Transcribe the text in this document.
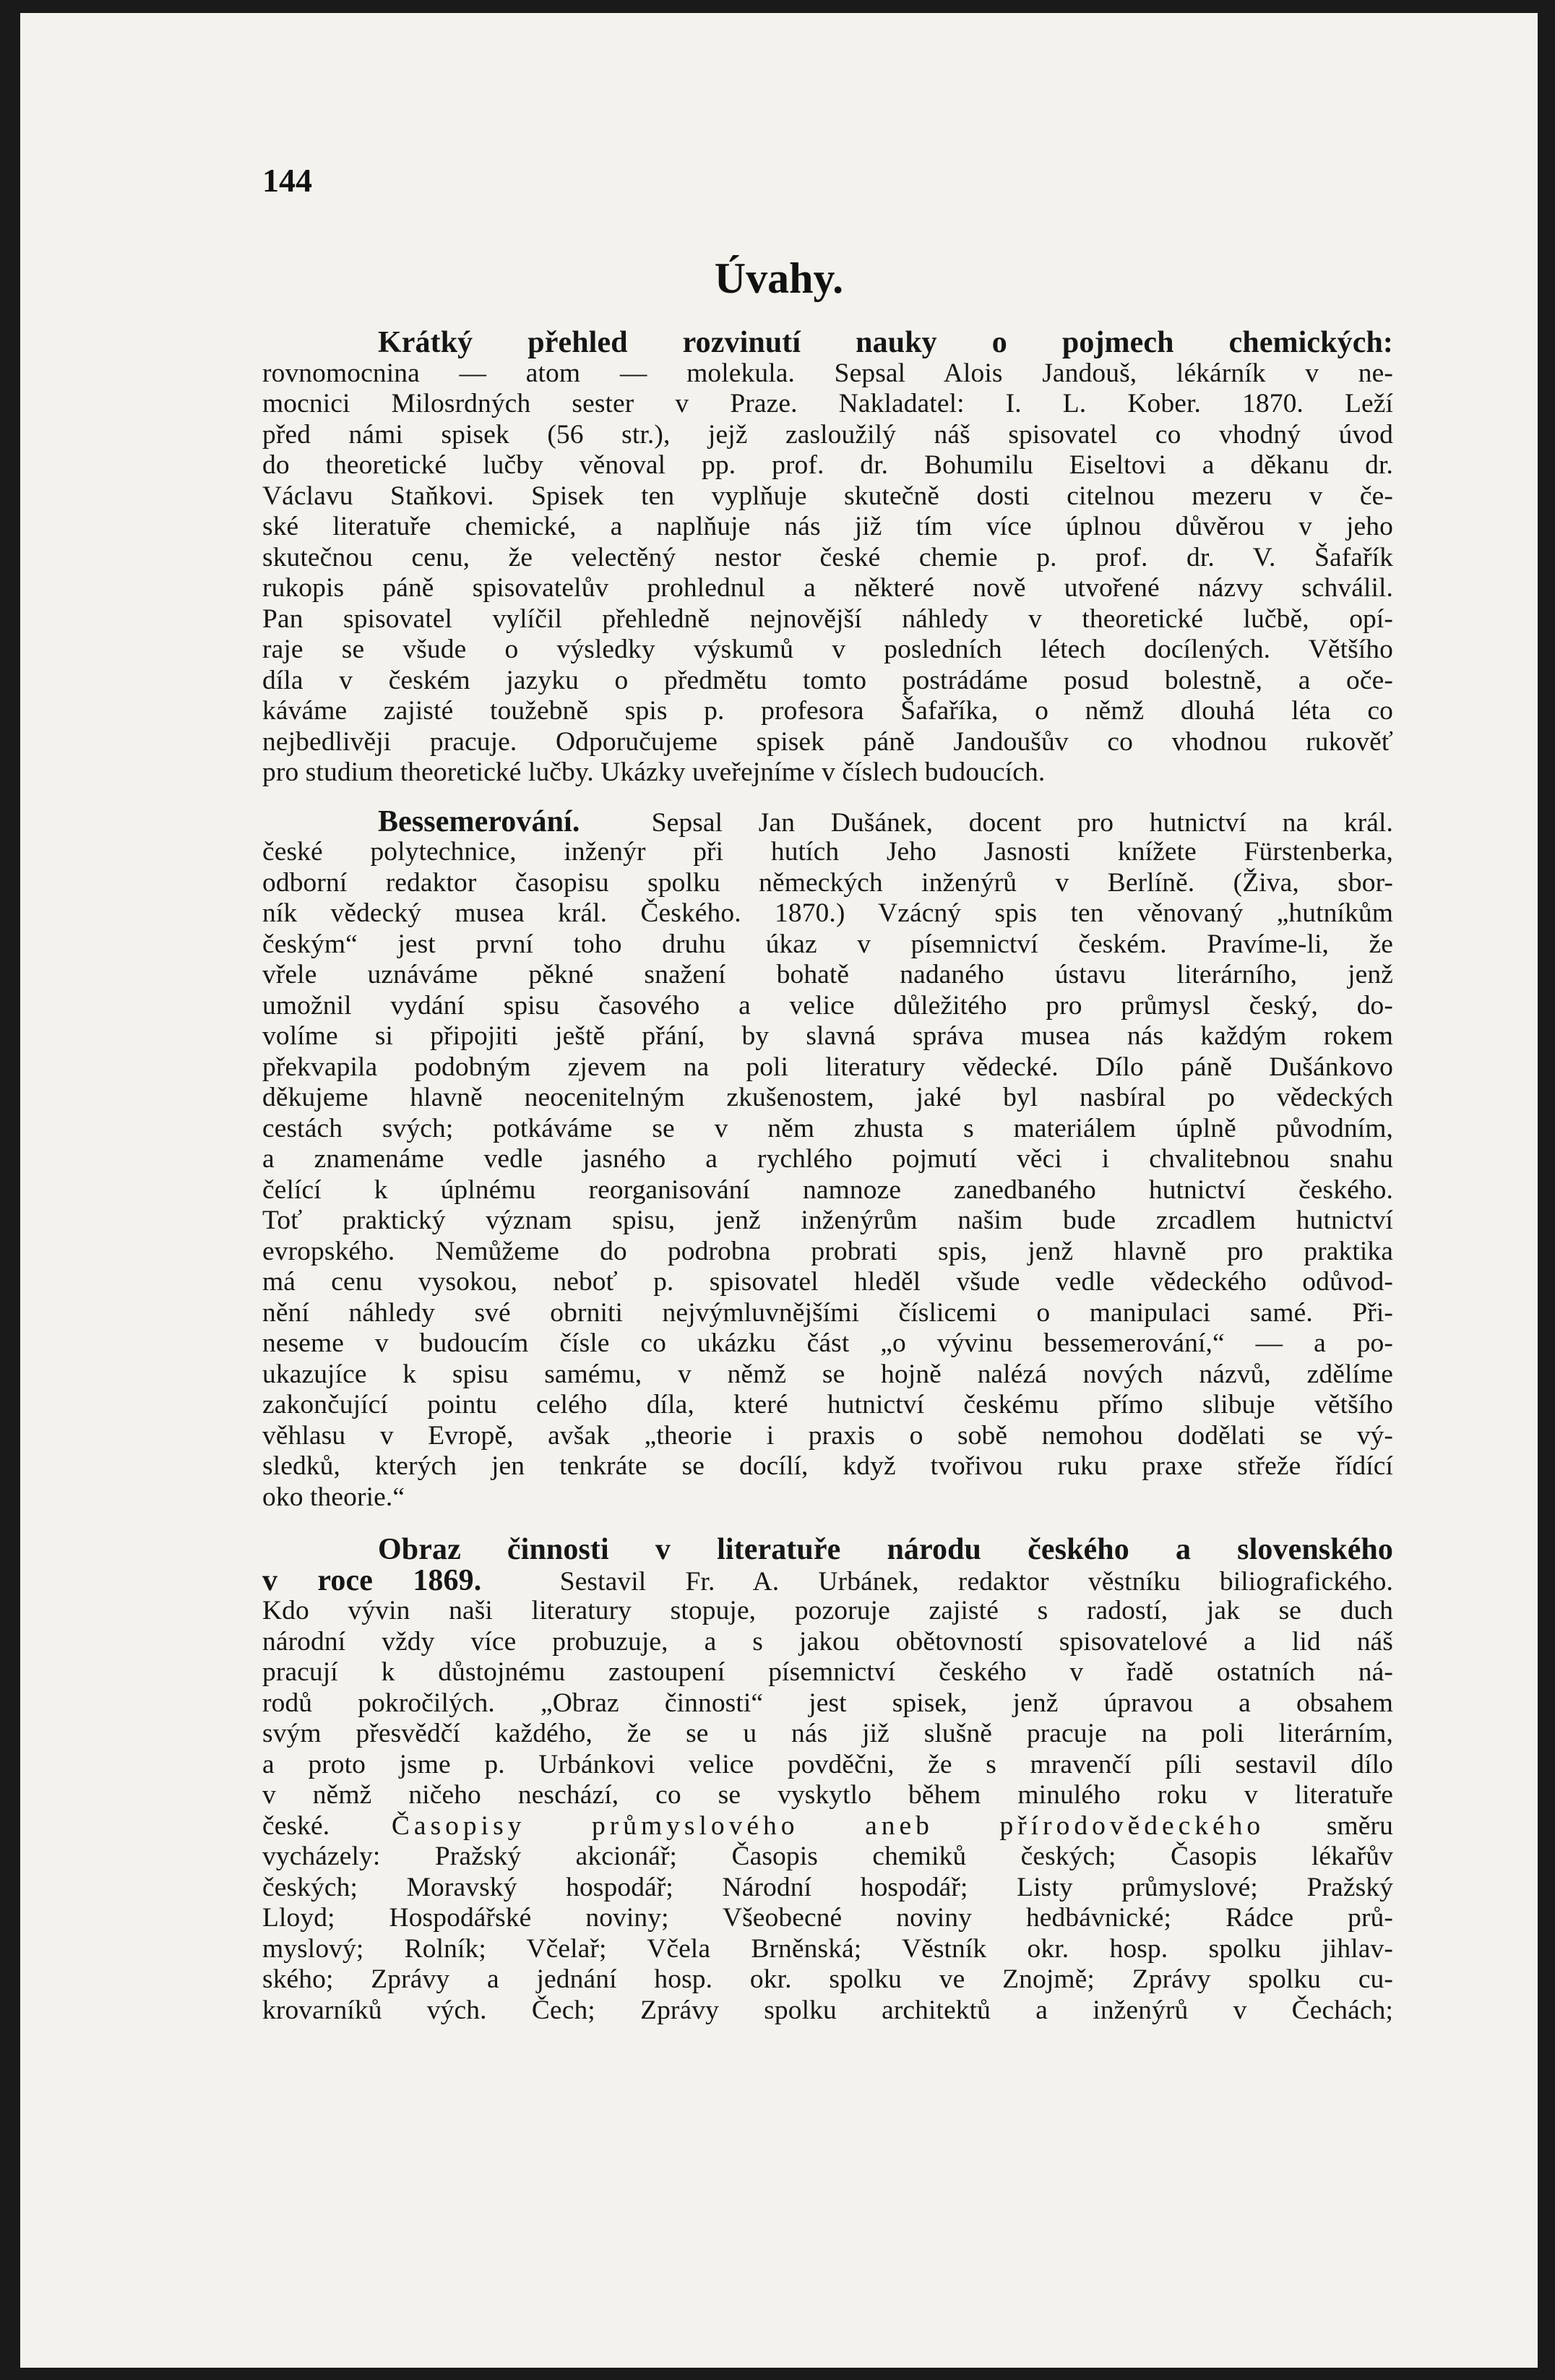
144
Úvahy.
Krátký přehled rozvinutí nauky o pojmech chemických:
rovnomocnina — atom — molekula. Sepsal Alois Jandouš, lékárník v ne-
mocnici Milosrdných sester v Praze. Nakladatel: I. L. Kober. 1870. Leží
před námi spisek (56 str.), jejž zasloužilý náš spisovatel co vhodný úvod
do theoretické lučby věnoval pp. prof. dr. Bohumilu Eiseltovi a děkanu dr.
Václavu Staňkovi. Spisek ten vyplňuje skutečně dosti citelnou mezeru v če-
ské literatuře chemické, a naplňuje nás již tím více úplnou důvěrou v jeho
skutečnou cenu, že velectěný nestor české chemie p. prof. dr. V. Šafařík
rukopis páně spisovatelův prohlednul a některé nově utvořené názvy schválil.
Pan spisovatel vylíčil přehledně nejnovější náhledy v theoretické lučbě, opí-
raje se všude o výsledky výskumů v posledních létech docílených. Většího
díla v českém jazyku o předmětu tomto postrádáme posud bolestně, a oče-
káváme zajisté toužebně spis p. profesora Šafaříka, o němž dlouhá léta co
nejbedlivěji pracuje. Odporučujeme spisek páně Jandoušův co vhodnou rukověť
pro studium theoretické lučby. Ukázky uveřejníme v číslech budoucích.
Bessemerování.	Sepsal Jan Dušánek, docent pro hutnictví na král.
české polytechnice, inženýr při hutích Jeho Jasnosti knížete Fürstenberka,
odborní redaktor časopisu spolku německých inženýrů v Berlíně. (Živa, sbor-
ník vědecký musea král. Českého. 1870.) Vzácný spis ten věnovaný „hutníkům
českým“ jest první toho druhu úkaz v písemnictví českém. Pravíme-li, že
vřele uznáváme pěkné snažení bohatě nadaného ústavu literárního, jenž
umožnil vydání spisu časového a velice důležitého pro průmysl český, do-
volíme si připojiti ještě přání, by slavná správa musea nás každým rokem
překvapila podobným zjevem na poli literatury vědecké. Dílo páně Dušánkovo
děkujeme hlavně neocenitelným zkušenostem, jaké byl nasbíral po vědeckých
cestách svých; potkáváme se v něm zhusta s materiálem úplně původním,
a znamenáme vedle jasného a rychlého pojmutí věci i chvalitebnou snahu
čelící k úplnému reorganisování namnoze zanedbaného hutnictví českého.
Toť praktický význam spisu, jenž inženýrům našim bude zrcadlem hutnictví
evropského. Nemůžeme do podrobna probrati spis, jenž hlavně pro praktika
má cenu vysokou, neboť p. spisovatel hleděl všude vedle vědeckého odůvod-
nění náhledy své obrniti nejvýmluvnějšími číslicemi o manipulaci samé. Při-
neseme v budoucím čísle co ukázku část „o vývinu bessemerování,“ — a po-
ukazujíce k spisu samému, v němž se hojně nalézá nových názvů, zdělíme
zakončující pointu celého díla, které hutnictví českému přímo slibuje většího
věhlasu v Evropě, avšak „theorie i praxis o sobě nemohou dodělati se vý-
sledků, kterých jen tenkráte se docílí, když tvořivou ruku praxe střeže řídící
oko theorie.“
Obraz činnosti v literatuře národu českého a slovenského
v roce 1869.	Sestavil Fr. A. Urbánek, redaktor věstníku biliografického.
Kdo vývin naši literatury stopuje, pozoruje zajisté s radostí, jak se duch
národní vždy více probuzuje, a s jakou obětovností spisovatelové a lid náš
pracují k důstojnému zastoupení písemnictví českého v řadě ostatních ná-
rodů pokročilých. „Obraz činnosti“ jest spisek, jenž úpravou a obsahem
svým přesvědčí každého, že se u nás již slušně pracuje na poli literárním,
a proto jsme p. Urbánkovi velice povděčni, že s mravenčí píli sestavil dílo
v němž ničeho neschází, co se vyskytlo během minulého roku v literatuře
české. Časopisy průmyslového aneb přírodovědeckého směru
vycházely: Pražský akcionář; Časopis chemiků českých; Časopis lékařův
českých; Moravský hospodář; Národní hospodář; Listy průmyslové; Pražský
Lloyd; Hospodářské noviny; Všeobecné noviny hedbávnické; Rádce prů-
myslový; Rolník; Včelař; Včela Brněnská; Věstník okr. hosp. spolku jihlav-
ského; Zprávy a jednání hosp. okr. spolku ve Znojmě; Zprávy spolku cu-
krovarníků vých. Čech; Zprávy spolku architektů a inženýrů v Čechách;
